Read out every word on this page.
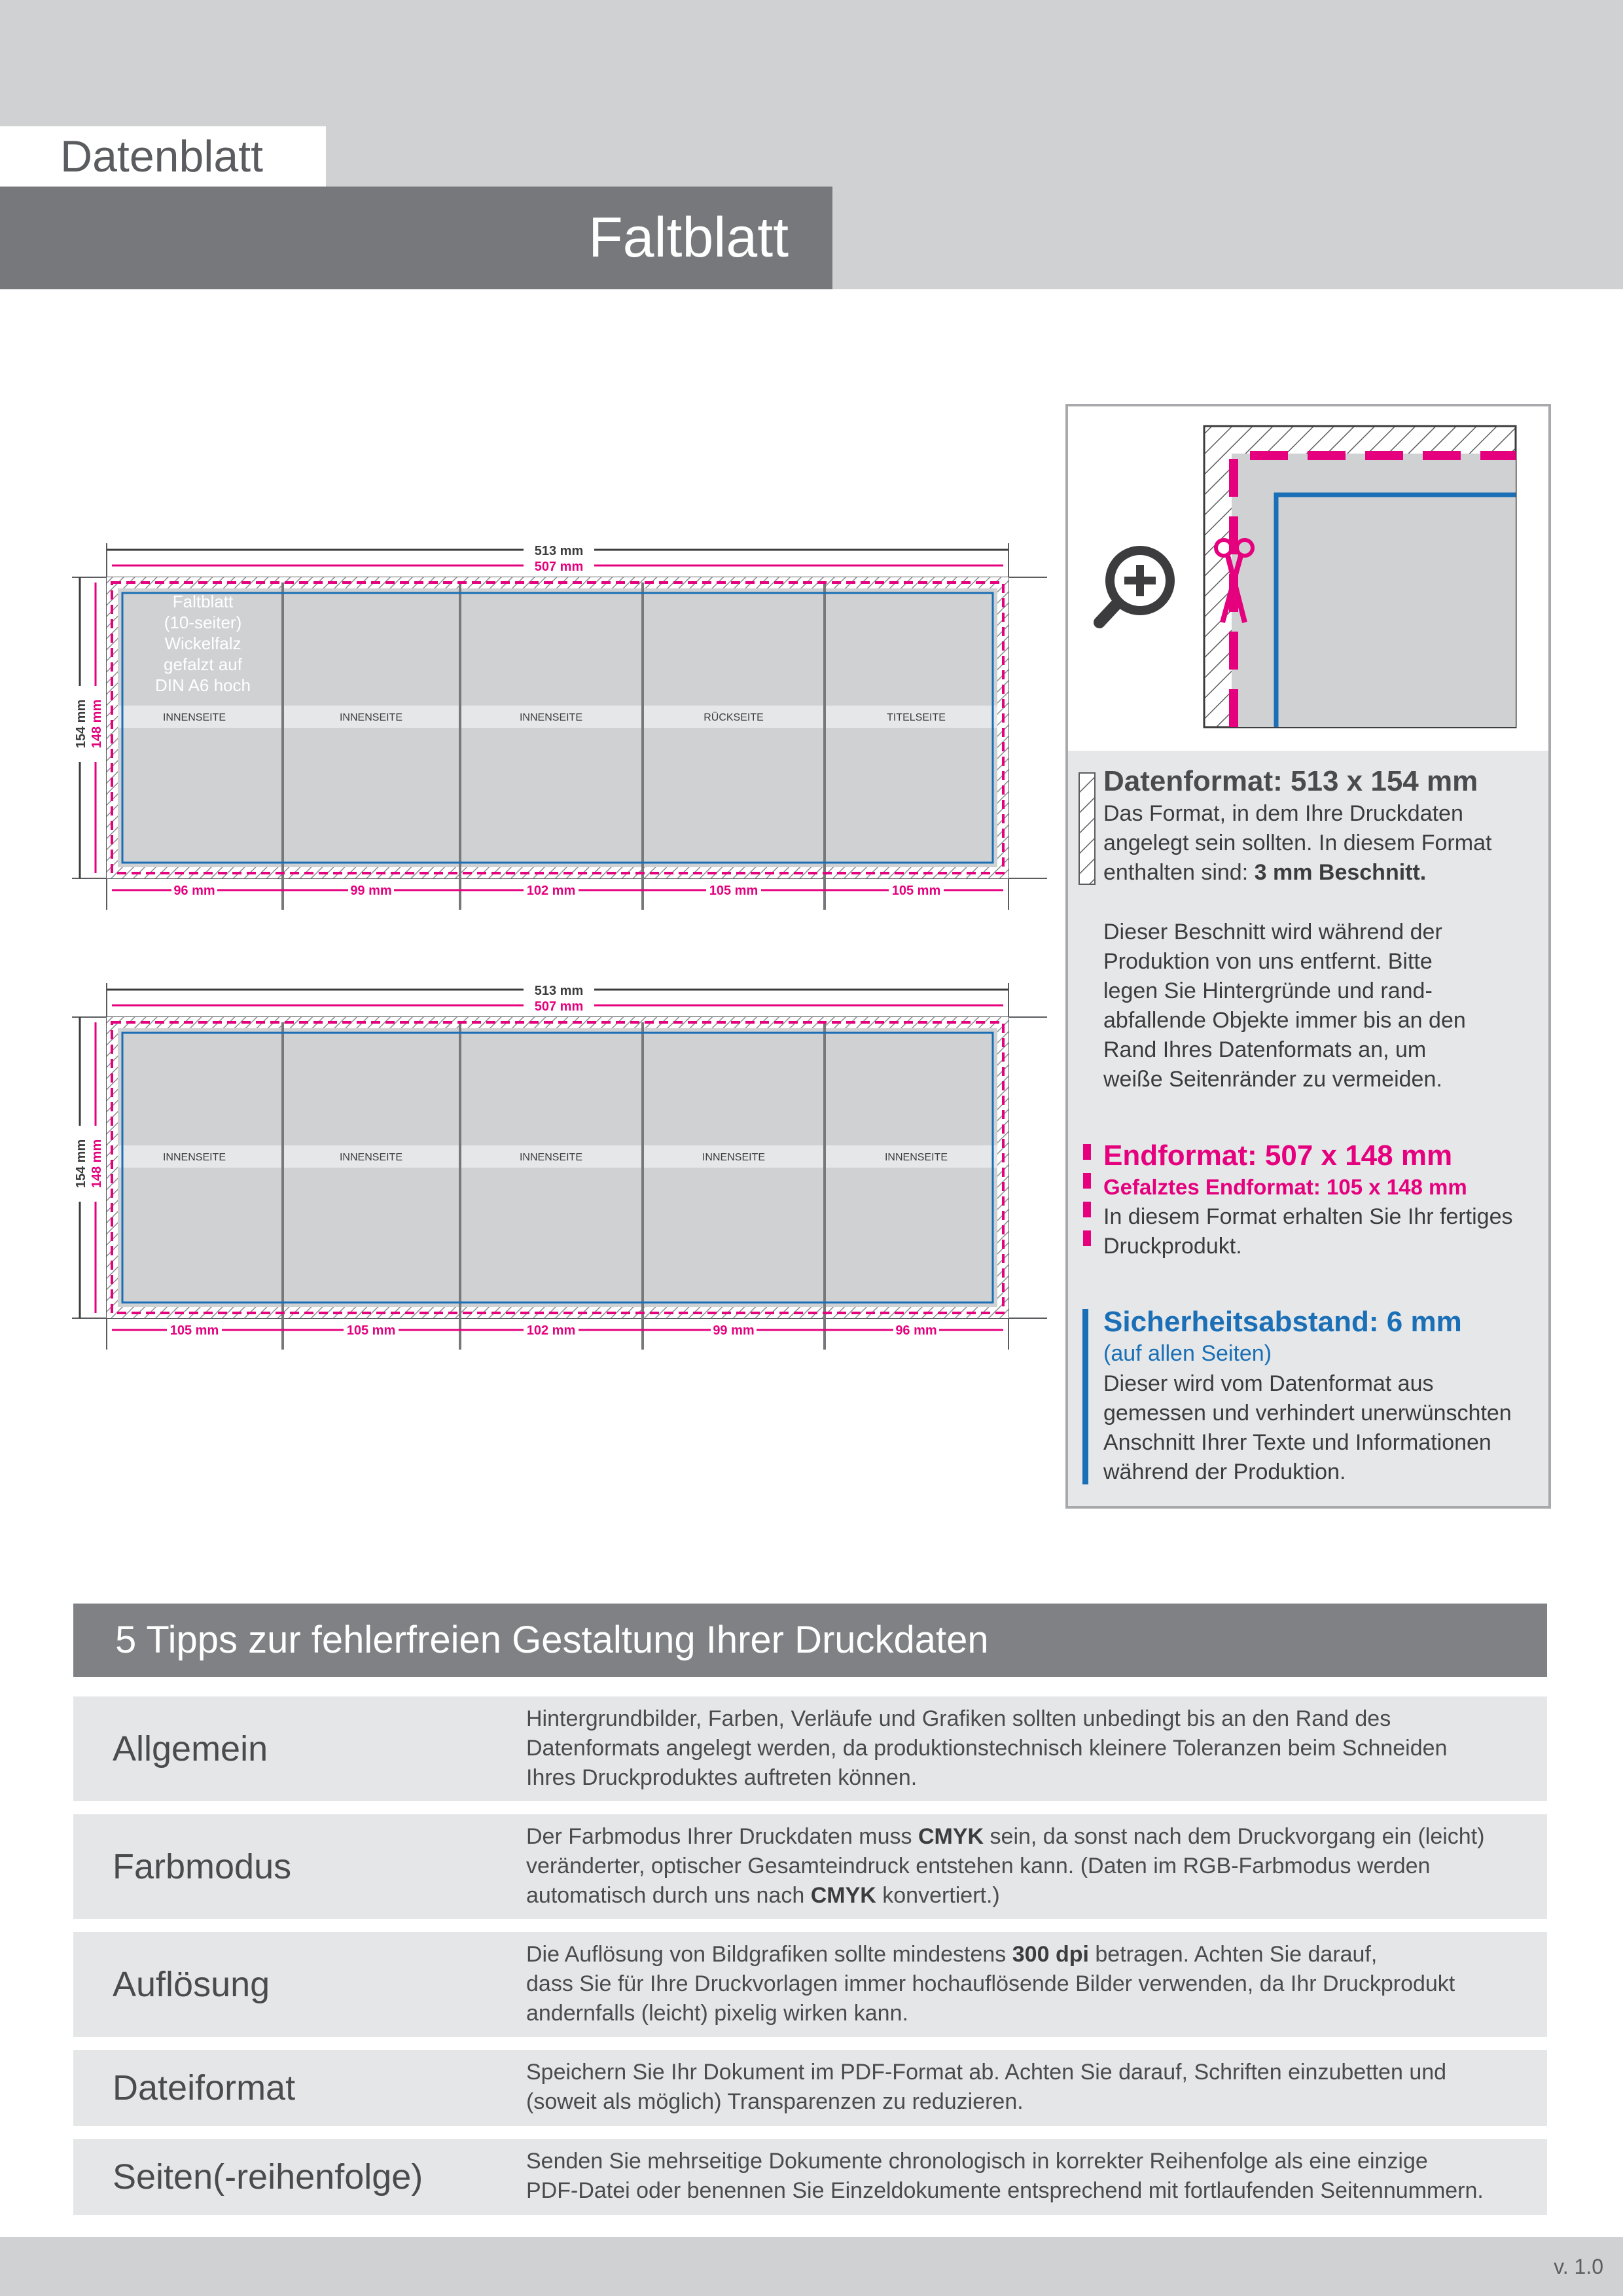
Datenblatt
Faltblatt
513 mm
507 mm
154 mm 148 mm
Faltblatt
(10-seiter)
Wickelfalz
gefalzt auf
DIN A6 hoch
INNENSEITE	INNENSEITE	INNENSEITE	RÜCKSEITE	TITELSEITE
96 mm	99 mm	102 mm	105 mm	105 mm
513 mm
507 mm
154 mm 148 mm	INNENSEITE	INNENSEITE	INNENSEITE	INNENSEITE	INNENSEITE
105 mm	105 mm	102 mm	99 mm	96 mm
Datenformat: 513 x 154 mm
Das Format, in dem Ihre Druckdaten
angelegt sein sollten. In diesem Format
enthalten sind: 3 mm Beschnitt.
Dieser Beschnitt wird während der
Produktion von uns entfernt. Bitte
legen Sie Hintergründe und rand-
abfallende Objekte immer bis an den
Rand Ihres Datenformats an, um
weiße Seitenränder zu vermeiden.
Endformat: 507 x 148 mm
Gefalztes Endformat: 105 x 148 mm
In diesem Format erhalten Sie Ihr fertiges
Druckprodukt.
Sicherheitsabstand: 6 mm
(auf allen Seiten)
Dieser wird vom Datenformat aus
gemessen und verhindert unerwünschten
Anschnitt Ihrer Texte und Informationen
während der Produktion.
5 Tipps zur fehlerfreien Gestaltung Ihrer Druckdaten
Allgemein
Hintergrundbilder, Farben, Verläufe und Grafiken sollten unbedingt bis an den Rand des
Datenformats angelegt werden, da produktionstechnisch kleinere Toleranzen beim Schneiden
Ihres Druckproduktes auftreten können.
Farbmodus
Der Farbmodus Ihrer Druckdaten muss CMYK sein, da sonst nach dem Druckvorgang ein (leicht)
veränderter, optischer Gesamteindruck entstehen kann. (Daten im RGB-Farbmodus werden
automatisch durch uns nach CMYK konvertiert.)
Auflösung
Die Auflösung von Bildgrafiken sollte mindestens 300 dpi betragen. Achten Sie darauf,
dass Sie für Ihre Druckvorlagen immer hochauflösende Bilder verwenden, da Ihr Druckprodukt
andernfalls (leicht) pixelig wirken kann.
Dateiformat	Speichern Sie Ihr Dokument im PDF-Format ab. Achten Sie darauf, Schriften einzubetten und
(soweit als möglich) Transparenzen zu reduzieren.
Seiten(-reihenfolge)	Senden Sie mehrseitige Dokumente chronologisch in korrekter Reihenfolge als eine einzige
PDF-Datei oder benennen Sie Einzeldokumente entsprechend mit fortlaufenden Seitennummern.
v. 1.0
